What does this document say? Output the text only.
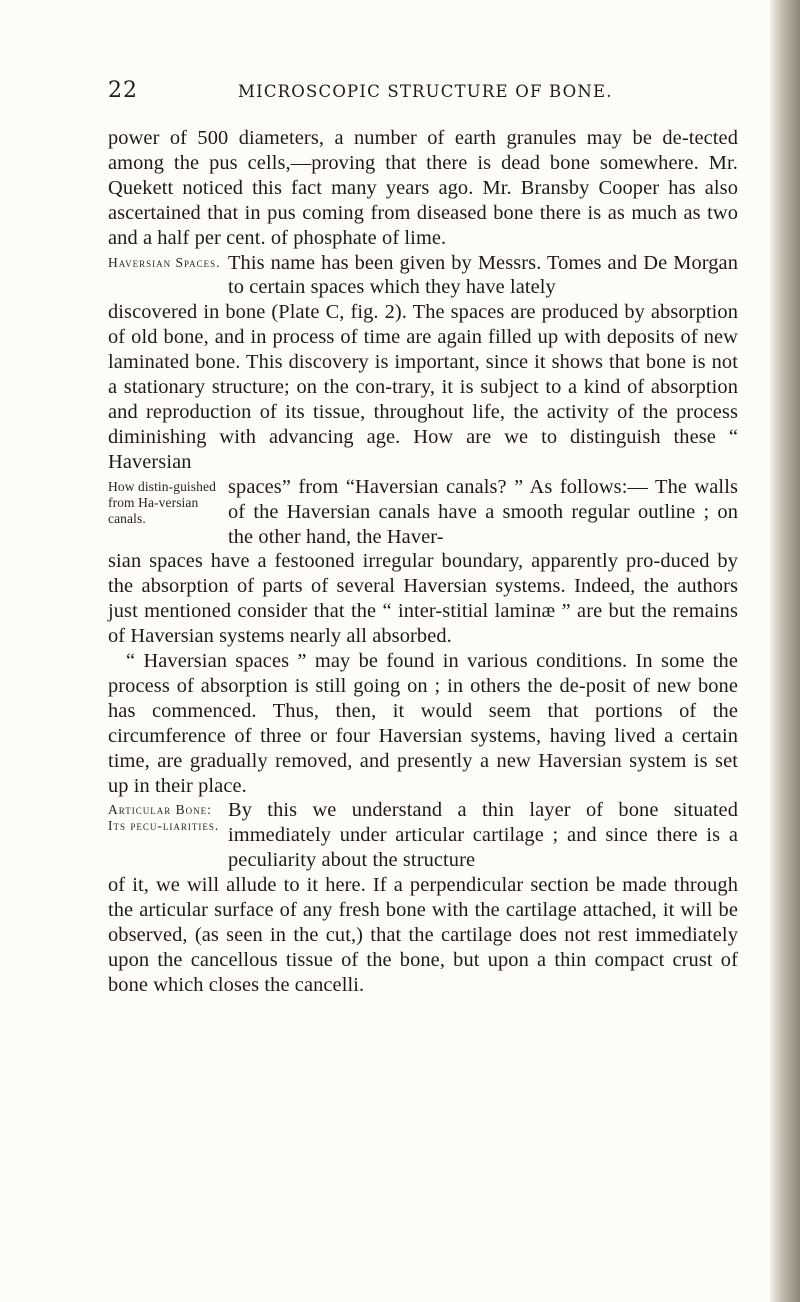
22	MICROSCOPIC STRUCTURE OF BONE.

power of 500 diameters, a number of earth granules may be de-tected among the pus cells,—proving that there is dead bone somewhere. Mr. Quekett noticed this fact many years ago. Mr. Bransby Cooper has also ascertained that in pus coming from diseased bone there is as much as two and a half per cent. of phosphate of lime.

Haversian Spaces. This name has been given by Messrs. Tomes and De Morgan to certain spaces which they have lately

discovered in bone (Plate C, fig. 2). The spaces are produced by absorption of old bone, and in process of time are again filled up with deposits of new laminated bone. This discovery is important, since it shows that bone is not a stationary structure; on the con-trary, it is subject to a kind of absorption and reproduction of its tissue, throughout life, the activity of the process diminishing with advancing age. How are we to distinguish these “ Haversian

How distin-guished from Ha-versian canals.

spaces” from “Haversian canals? ” As follows:— The walls of the Haversian canals have a smooth regular outline ; on the other hand, the Haver-

sian spaces have a festooned irregular boundary, apparently pro-duced by the absorption of parts of several Haversian systems. Indeed, the authors just mentioned consider that the “ inter-stitial laminæ ” are but the remains of Haversian systems nearly all absorbed.

“ Haversian spaces ” may be found in various conditions. In some the process of absorption is still going on ; in others the de-posit of new bone has commenced. Thus, then, it would seem that portions of the circumference of three or four Haversian systems, having lived a certain time, are gradually removed, and presently a new Haversian system is set up in their place.

Articular Bone: Its pecu-liarities.

By this we understand a thin layer of bone situated immediately under articular cartilage ; and since there is a peculiarity about the structure

of it, we will allude to it here. If a perpendicular section be made through the articular surface of any fresh bone with the cartilage attached, it will be observed, (as seen in the cut,) that the cartilage does not rest immediately upon the cancellous tissue of the bone, but upon a thin compact crust of bone which closes the cancelli.
